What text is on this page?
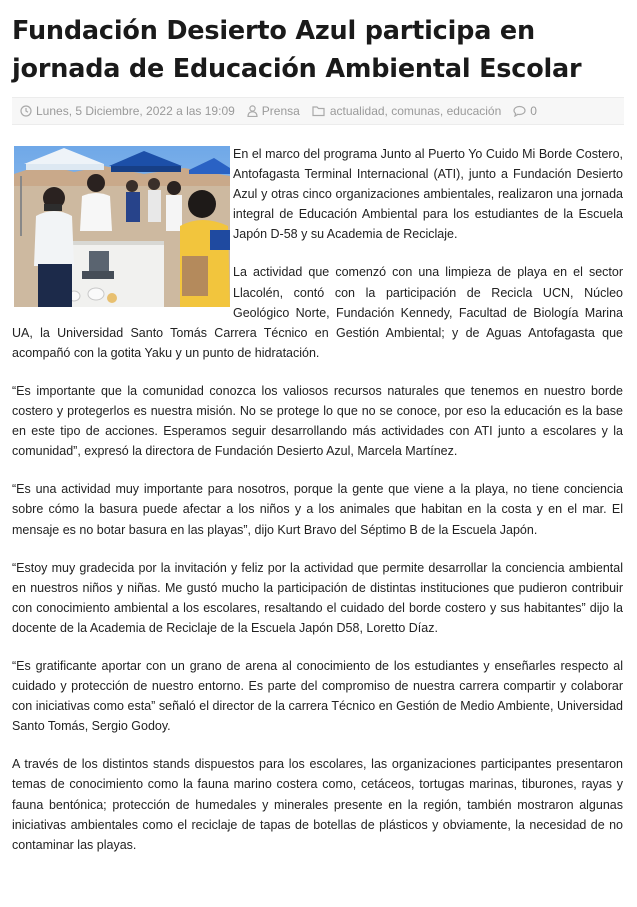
Fundación Desierto Azul participa en jornada de Educación Ambiental Escolar
Lunes, 5 Diciembre, 2022 a las 19:09 Prensa	actualidad, comunas, educación 0

En el marco del programa Junto al Puerto Yo Cuido Mi Borde Costero, Antofagasta Terminal Internacional (ATI), junto a Fundación Desierto Azul y otras cinco organizaciones ambientales, realizaron una jornada integral de Educación Ambiental para los estudiantes de la Escuela Japón D-58 y su Academia de Reciclaje.

La actividad que comenzó con una limpieza de playa en el sector Llacolén, contó con la participación de Recicla UCN, Núcleo Geológico Norte, Fundación Kennedy, Facultad de Biología Marina UA, la Universidad Santo Tomás Carrera Técnico en Gestión Ambiental; y de Aguas Antofagasta que acompañó con la gotita Yaku y un punto de hidratación.

“Es importante que la comunidad conozca los valiosos recursos naturales que tenemos en nuestro borde costero y protegerlos es nuestra misión. No se protege lo que no se conoce, por eso la educación es la base en este tipo de acciones. Esperamos seguir desarrollando más actividades con ATI junto a escolares y la comunidad”, expresó la directora de Fundación Desierto Azul, Marcela Martínez.

“Es una actividad muy importante para nosotros, porque la gente que viene a la playa, no tiene conciencia sobre cómo la basura puede afectar a los niños y a los animales que habitan en la costa y en el mar. El mensaje es no botar basura en las playas”, dijo Kurt Bravo del Séptimo B de la Escuela Japón.

“Estoy muy gradecida por la invitación y feliz por la actividad que permite desarrollar la conciencia ambiental en nuestros niños y niñas. Me gustó mucho la participación de distintas instituciones que pudieron contribuir con conocimiento ambiental a los escolares, resaltando el cuidado del borde costero y sus habitantes” dijo la docente de la Academia de Reciclaje de la Escuela Japón D58, Loretto Díaz.

“Es gratificante aportar con un grano de arena al conocimiento de los estudiantes y enseñarles respecto al cuidado y protección de nuestro entorno. Es parte del compromiso de nuestra carrera compartir y colaborar con iniciativas como esta” señaló el director de la carrera Técnico en Gestión de Medio Ambiente, Universidad Santo Tomás, Sergio Godoy.

A través de los distintos stands dispuestos para los escolares, las organizaciones participantes presentaron temas de conocimiento como la fauna marino costera como, cetáceos, tortugas marinas, tiburones, rayas y fauna bentónica; protección de humedales y minerales presente en la región, también mostraron algunas iniciativas ambientales como el reciclaje de tapas de botellas de plásticos y obviamente, la necesidad de no contaminar las playas.
